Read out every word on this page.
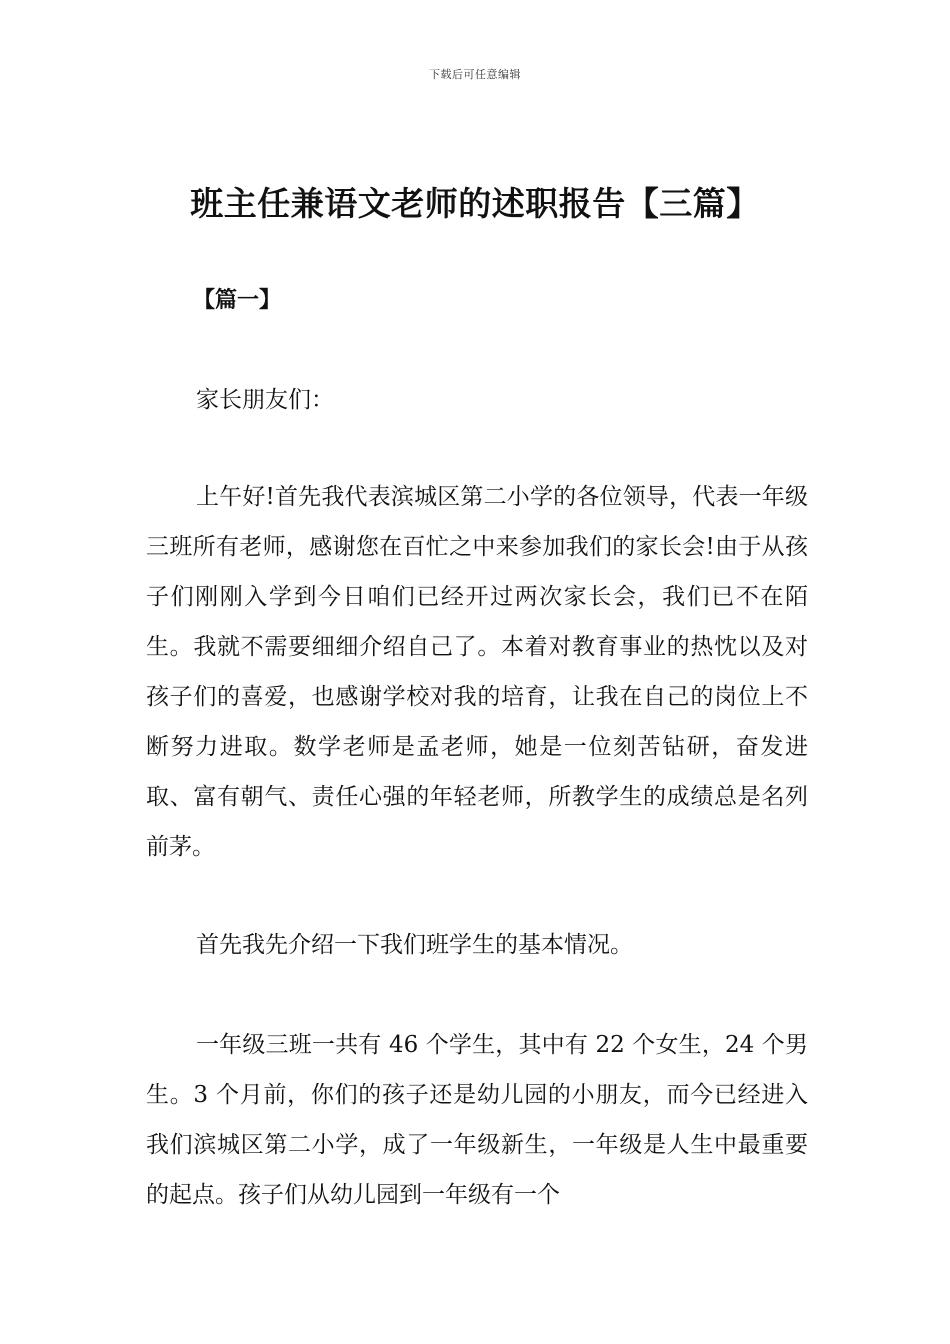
下载后可任意编辑
班主任兼语文老师的述职报告【三篇】
【篇一】

家长朋友们：

上午好!首先我代表滨城区第二小学的各位领导，代表一年级三班所有老师，感谢您在百忙之中来参加我们的家长会!由于从孩子们刚刚入学到今日咱们已经开过两次家长会，我们已不在陌生。我就不需要细细介绍自己了。本着对教育事业的热忱以及对孩子们的喜爱，也感谢学校对我的培育，让我在自己的岗位上不断努力进取。数学老师是孟老师，她是一位刻苦钻研，奋发进取、富有朝气、责任心强的年轻老师，所教学生的成绩总是名列前茅。

首先我先介绍一下我们班学生的基本情况。

一年级三班一共有 46 个学生，其中有 22 个女生，24 个男生。3 个月前，你们的孩子还是幼儿园的小朋友，而今已经进入我们滨城区第二小学，成了一年级新生，一年级是人生中最重要的起点。孩子们从幼儿园到一年级有一个
